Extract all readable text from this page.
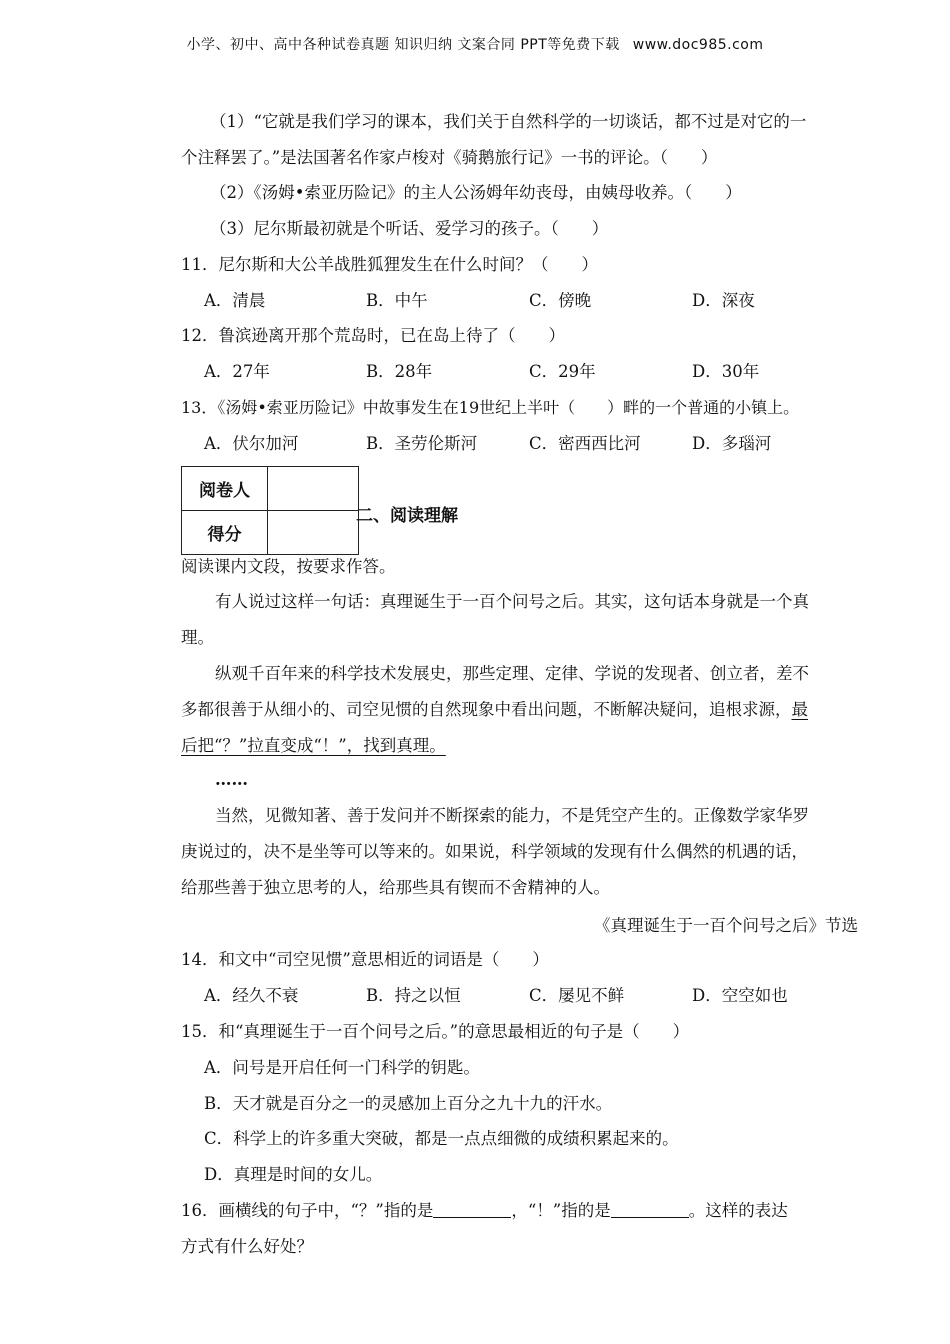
小学、初中、高中各种试卷真题 知识归纳 文案合同 PPT等免费下载 www.doc985.com
（1）“它就是我们学习的课本，我们关于自然科学的一切谈话，都不过是对它的一
个注释罢了。”是法国著名作家卢梭对《骑鹅旅行记》一书的评论。（　　）
（2）《汤姆•索亚历险记》的主人公汤姆年幼丧母，由姨母收养。（　　）
（3）尼尔斯最初就是个听话、爱学习的孩子。（　　）
11．尼尔斯和大公羊战胜狐狸发生在什么时间？（　　）
A．清晨	B．中午	C．傍晚	D．深夜
12．鲁滨逊离开那个荒岛时，已在岛上待了（　　）
A．27年	B．28年	C．29年	D．30年
13．《汤姆•索亚历险记》中故事发生在19世纪上半叶（　　）畔的一个普通的小镇上。
A．伏尔加河	B．圣劳伦斯河	C．密西西比河	D．多瑙河
阅卷人	
得分	
二、阅读理解
阅读课内文段，按要求作答。
有人说过这样一句话：真理诞生于一百个问号之后。其实，这句话本身就是一个真
理。
纵观千百年来的科学技术发展史，那些定理、定律、学说的发现者、创立者，差不
多都很善于从细小的、司空见惯的自然现象中看出问题，不断解决疑问，追根求源，最
后把“？”拉直变成“！”，找到真理。
……
当然，见微知著、善于发问并不断探索的能力，不是凭空产生的。正像数学家华罗
庚说过的，决不是坐等可以等来的。如果说，科学领域的发现有什么偶然的机遇的话，
给那些善于独立思考的人，给那些具有锲而不舍精神的人。
《真理诞生于一百个问号之后》节选
14．和文中“司空见惯”意思相近的词语是（　　）
A．经久不衰	B．持之以恒	C．屡见不鲜	D．空空如也
15．和“真理诞生于一百个问号之后。”的意思最相近的句子是（　　）
A．问号是开启任何一门科学的钥匙。
B．天才就是百分之一的灵感加上百分之九十九的汗水。
C．科学上的许多重大突破，都是一点点细微的成绩积累起来的。
D．真理是时间的女儿。
16．画横线的句子中，“？”指的是	，“！”指的是	。这样的表达
方式有什么好处？
